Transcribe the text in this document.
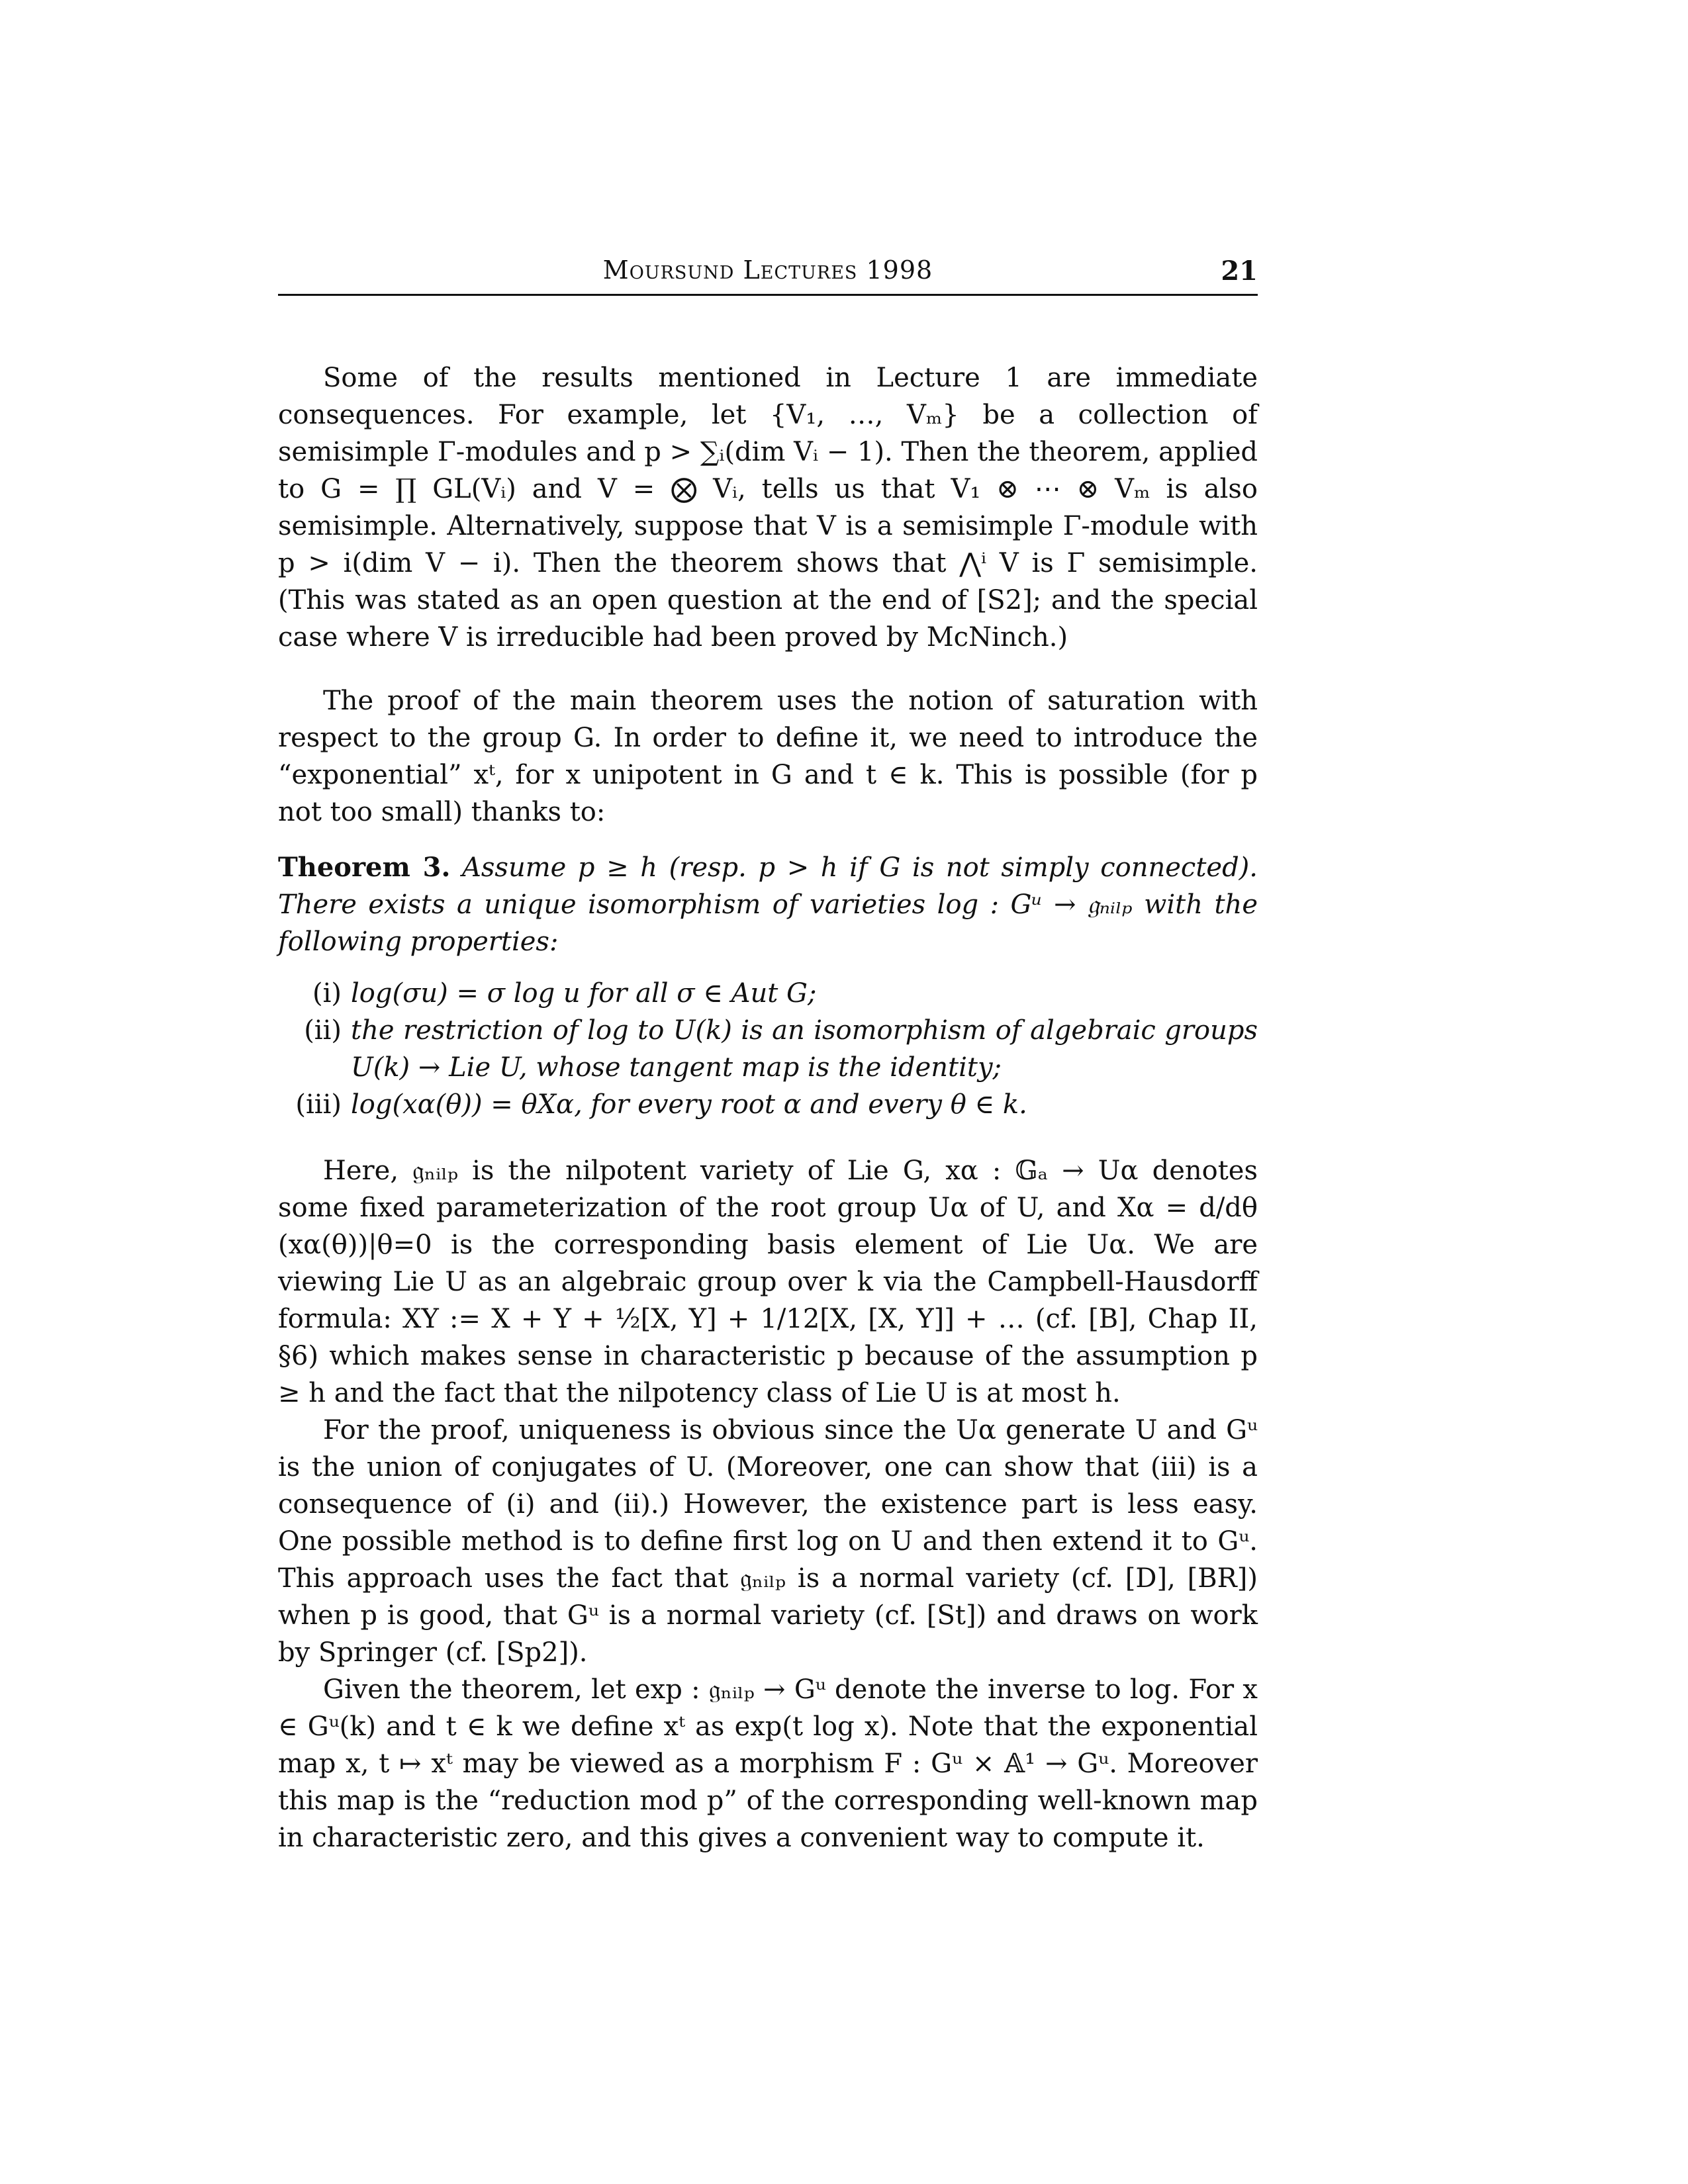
Moursund Lectures 1998	21

Some of the results mentioned in Lecture 1 are immediate consequences. For example, let {V₁, …, Vₘ} be a collection of semisimple Γ-modules and p > ∑ᵢ(dim Vᵢ − 1). Then the theorem, applied to G = ∏ GL(Vᵢ) and V = ⨂ Vᵢ, tells us that V₁ ⊗ ⋯ ⊗ Vₘ is also semisimple. Alternatively, suppose that V is a semisimple Γ-module with p > i(dim V − i). Then the theorem shows that ⋀ⁱ V is Γ semisimple. (This was stated as an open question at the end of [S2]; and the special case where V is irreducible had been proved by McNinch.)

The proof of the main theorem uses the notion of saturation with respect to the group G. In order to define it, we need to introduce the “exponential” xᵗ, for x unipotent in G and t ∈ k. This is possible (for p not too small) thanks to:

Theorem 3. Assume p ≥ h (resp. p > h if G is not simply connected). There exists a unique isomorphism of varieties log : Gᵘ → 𝔤ₙᵢₗₚ with the following properties:
(i) log(σu) = σ log u for all σ ∈ Aut G;
(ii) the restriction of log to U(k) is an isomorphism of algebraic groups U(k) → Lie U, whose tangent map is the identity;
(iii) log(xα(θ)) = θXα, for every root α and every θ ∈ k.

Here, 𝔤ₙᵢₗₚ is the nilpotent variety of Lie G, xα : 𝔾ₐ → Uα denotes some fixed parameterization of the root group Uα of U, and Xα = d/dθ (xα(θ))|θ=0 is the corresponding basis element of Lie Uα. We are viewing Lie U as an algebraic group over k via the Campbell-Hausdorff formula: XY := X + Y + ½[X, Y] + 1/12[X, [X, Y]] + … (cf. [B], Chap II, §6) which makes sense in characteristic p because of the assumption p ≥ h and the fact that the nilpotency class of Lie U is at most h.

For the proof, uniqueness is obvious since the Uα generate U and Gᵘ is the union of conjugates of U. (Moreover, one can show that (iii) is a consequence of (i) and (ii).) However, the existence part is less easy. One possible method is to define first log on U and then extend it to Gᵘ. This approach uses the fact that 𝔤ₙᵢₗₚ is a normal variety (cf. [D], [BR]) when p is good, that Gᵘ is a normal variety (cf. [St]) and draws on work by Springer (cf. [Sp2]).

Given the theorem, let exp : 𝔤ₙᵢₗₚ → Gᵘ denote the inverse to log. For x ∈ Gᵘ(k) and t ∈ k we define xᵗ as exp(t log x). Note that the exponential map x, t ↦ xᵗ may be viewed as a morphism F : Gᵘ × 𝔸¹ → Gᵘ. Moreover this map is the “reduction mod p” of the corresponding well-known map in characteristic zero, and this gives a convenient way to compute it.
